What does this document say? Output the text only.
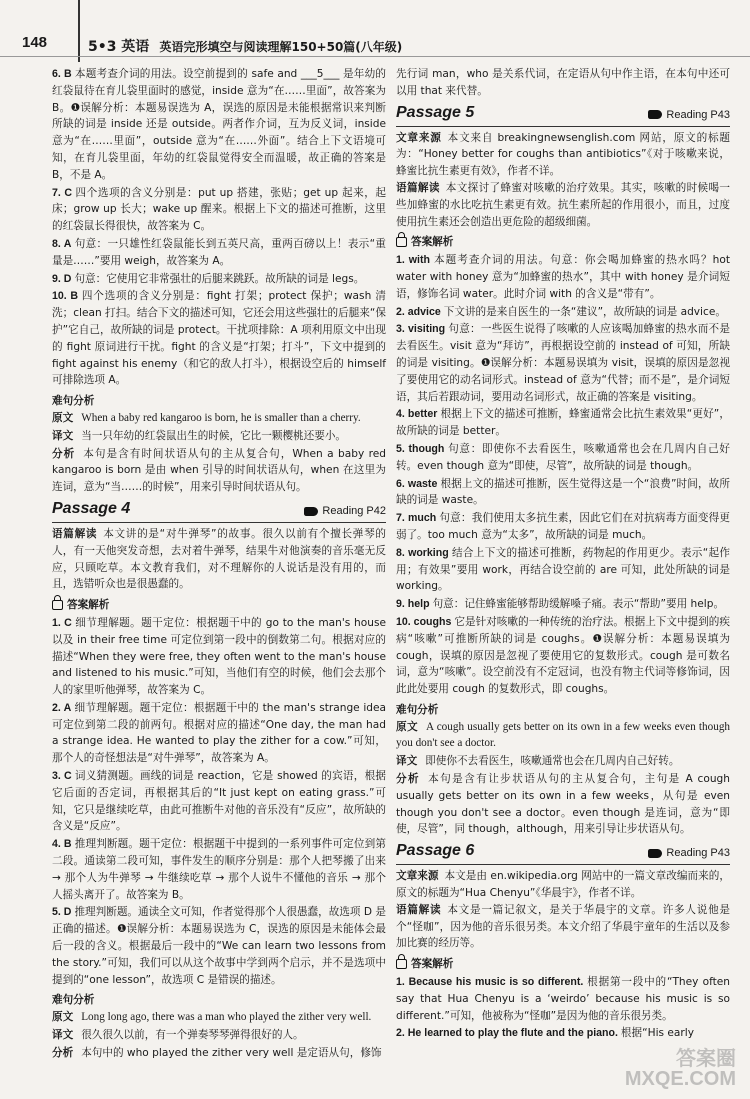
148	5•3 英语 英语完形填空与阅读理解150+50篇(八年级)

6. B 本题考查介词的用法。设空前提到的 safe and ___5___ 是年幼的红袋鼠待在育儿袋里面时的感觉，inside 意为“在……里面”，故答案为 B。❶误解分析：本题易误选为 A，误选的原因是未能根据常识来判断所缺的词是 inside 还是 outside。两者作介词，互为反义词，inside 意为“在……里面”，outside 意为“在……外面”。结合上下文语境可知，在育儿袋里面，年幼的红袋鼠觉得安全而温暖，故正确的答案是 B，不是 A。

7. C 四个选项的含义分别是：put up 搭建，张贴；get up 起来，起床；grow up 长大；wake up 醒来。根据上下文的描述可推断，这里的红袋鼠长得很快，故答案为 C。

8. A 句意：一只雄性红袋鼠能长到五英尺高，重两百磅以上！表示“重量是……”要用 weigh，故答案为 A。

9. D 句意：它使用它非常强壮的后腿来跳跃。故所缺的词是 legs。

10. B 四个选项的含义分别是：fight 打架；protect 保护；wash 清洗；clean 打扫。结合下文的描述可知，它还会用这些强壮的后腿来“保护”它自己，故所缺的词是 protect。干扰项排除：A 项利用原文中出现的 fight 原词进行干扰。fight 的含义是“打架；打斗”，下文中提到的 fight against his enemy（和它的敌人打斗），根据设空后的 himself 可排除选项 A。

难句分析

原文 When a baby red kangaroo is born, he is smaller than a cherry.

译文 当一只年幼的红袋鼠出生的时候，它比一颗樱桃还要小。

分析 本句是含有时间状语从句的主从复合句，When a baby red kangaroo is born 是由 when 引导的时间状语从句，when 在这里为连词，意为“当……的时候”，用来引导时间状语从句。

Passage 4	Reading P42

语篇解读 本文讲的是“对牛弹琴”的故事。很久以前有个擅长弹琴的人，有一天他突发奇想，去对着牛弹琴，结果牛对他演奏的音乐毫无反应，只顾吃草。本文教育我们，对不理解你的人说话是没有用的，而且，选错听众也是很愚蠢的。

答案解析

1. C 细节理解题。题干定位：根据题干中的 go to the man's house 以及 in their free time 可定位到第一段中的倒数第二句。根据对应的描述“When they were free, they often went to the man's house and listened to his music.”可知，当他们有空的时候，他们会去那个人的家里听他弹琴，故答案为 C。

2. A 细节理解题。题干定位：根据题干中的 the man's strange idea 可定位到第二段的前两句。根据对应的描述“One day, the man had a strange idea. He wanted to play the zither for a cow.”可知，那个人的奇怪想法是“对牛弹琴”，故答案为 A。

3. C 词义猜测题。画线的词是 reaction，它是 showed 的宾语，根据它后面的否定词，再根据其后的“It just kept on eating grass.”可知，它只是继续吃草，由此可推断牛对他的音乐没有“反应”，故所缺的含义是“反应”。

4. B 推理判断题。题干定位：根据题干中提到的一系列事件可定位到第二段。通读第二段可知，事件发生的顺序分别是：那个人把琴搬了出来 → 那个人为牛弹琴 → 牛继续吃草 → 那个人说牛不懂他的音乐 → 那个人摇头离开了。故答案为 B。

5. D 推理判断题。通读全文可知，作者觉得那个人很愚蠢，故选项 D 是正确的描述。❶误解分析：本题易误选为 C，误选的原因是未能体会最后一段的含义。根据最后一段中的“We can learn two lessons from the story.”可知，我们可以从这个故事中学到两个启示，并不是选项中提到的“one lesson”，故选项 C 是错误的描述。

难句分析

原文 Long long ago, there was a man who played the zither very well.

译文 很久很久以前，有一个弹奏琴琴弹得很好的人。

分析 本句中的 who played the zither very well 是定语从句，修饰

先行词 man，who 是关系代词，在定语从句中作主语，在本句中还可以用 that 来代替。

Passage 5	Reading P43

文章来源 本文来自 breakingnewsenglish.com 网站，原文的标题为：“Honey better for coughs than antibiotics”《对于咳嗽来说，蜂蜜比抗生素更有效》，作者不详。

语篇解读 本文探讨了蜂蜜对咳嗽的治疗效果。其实，咳嗽的时候喝一些加蜂蜜的水比吃抗生素更有效。抗生素所起的作用很小，而且，过度使用抗生素还会创造出更危险的超级细菌。

答案解析

1. with 本题考查介词的用法。句意：你会喝加蜂蜜的热水吗？hot water with honey 意为“加蜂蜜的热水”，其中 with honey 是介词短语，修饰名词 water。此时介词 with 的含义是“带有”。

2. advice 下文讲的是来自医生的一条“建议”，故所缺的词是 advice。

3. visiting 句意：一些医生说得了咳嗽的人应该喝加蜂蜜的热水而不是去看医生。visit 意为“拜访”，再根据设空前的 instead of 可知，所缺的词是 visiting。❶误解分析：本题易误填为 visit，误填的原因是忽视了要使用它的动名词形式。instead of 意为“代替；而不是”，是介词短语，其后若跟动词，要用动名词形式，故正确的答案是 visiting。

4. better 根据上下文的描述可推断，蜂蜜通常会比抗生素效果“更好”，故所缺的词是 better。

5. though 句意：即使你不去看医生，咳嗽通常也会在几周内自己好转。even though 意为“即使，尽管”，故所缺的词是 though。

6. waste 根据上文的描述可推断，医生觉得这是一个“浪费”时间，故所缺的词是 waste。

7. much 句意：我们使用太多抗生素，因此它们在对抗病毒方面变得更弱了。too much 意为“太多”，故所缺的词是 much。

8. working 结合上下文的描述可推断，药物起的作用更少。表示“起作用；有效果”要用 work，再结合设空前的 are 可知，此处所缺的词是 working。

9. help 句意：记住蜂蜜能够帮助缓解嗓子痛。表示“帮助”要用 help。

10. coughs 它是针对咳嗽的一种传统的治疗法。根据上下文中提到的疾病“咳嗽”可推断所缺的词是 coughs。❶误解分析：本题易误填为 cough，误填的原因是忽视了要使用它的复数形式。cough 是可数名词，意为“咳嗽”。设空前没有不定冠词，也没有物主代词等修饰词，因此此处要用 cough 的复数形式，即 coughs。

难句分析

原文 A cough usually gets better on its own in a few weeks even though you don't see a doctor.

译文 即使你不去看医生，咳嗽通常也会在几周内自己好转。

分析 本句是含有让步状语从句的主从复合句，主句是 A cough usually gets better on its own in a few weeks，从句是 even though you don't see a doctor。even though 是连词，意为“即使，尽管”，同 though，although，用来引导让步状语从句。

Passage 6	Reading P43

文章来源 本文是由 en.wikipedia.org 网站中的一篇文章改编而来的，原文的标题为“Hua Chenyu”《华晨宇》，作者不详。

语篇解读 本文是一篇记叙文，是关于华晨宇的文章。许多人说他是个“怪咖”，因为他的音乐很另类。本文介绍了华晨宇童年的生活以及参加比赛的经历等。

答案解析

1. Because his music is so different. 根据第一段中的“They often say that Hua Chenyu is a ‘weirdo’ because his music is so different.”可知，他被称为“怪咖”是因为他的音乐很另类。

2. He learned to play the flute and the piano. 根据“His early

答案圈
MXQE.COM
